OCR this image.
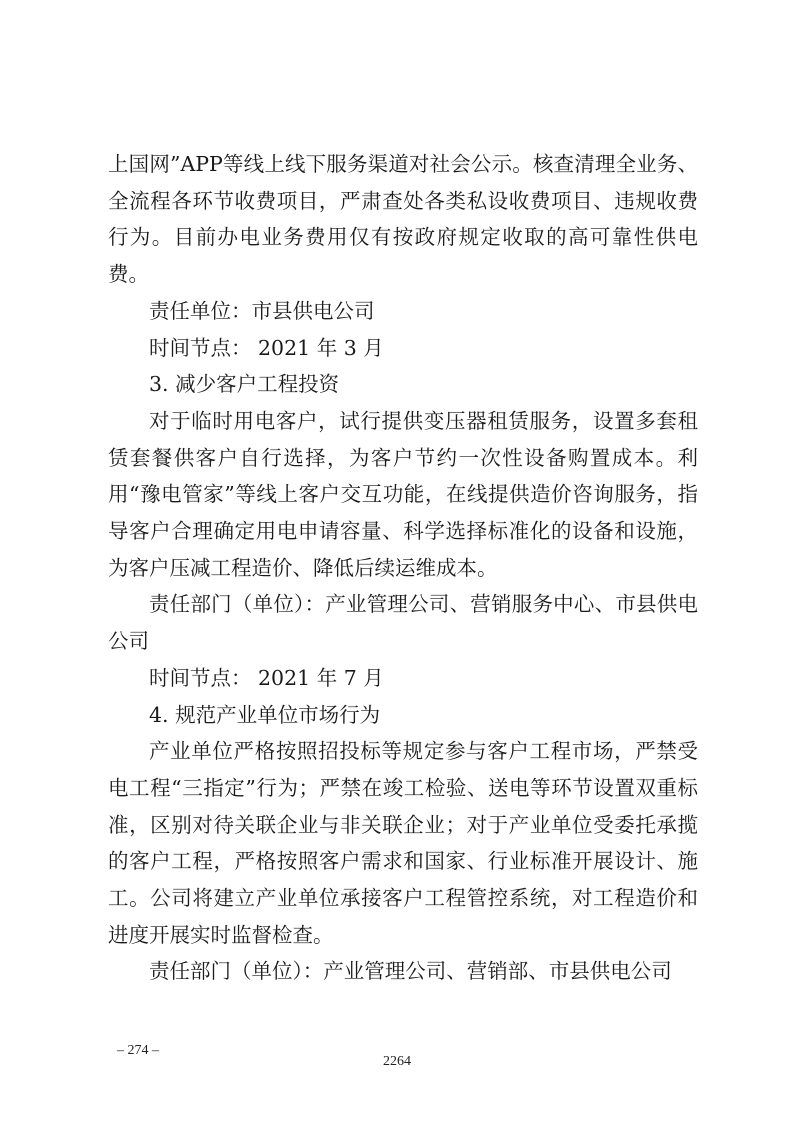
上国网”APP等线上线下服务渠道对社会公示。核查清理全业务、全流程各环节收费项目，严肃查处各类私设收费项目、违规收费行为。目前办电业务费用仅有按政府规定收取的高可靠性供电费。

责任单位：市县供电公司

时间节点： 2021 年 3 月

3. 减少客户工程投资

对于临时用电客户，试行提供变压器租赁服务，设置多套租赁套餐供客户自行选择，为客户节约一次性设备购置成本。利用“豫电管家”等线上客户交互功能，在线提供造价咨询服务，指导客户合理确定用电申请容量、科学选择标准化的设备和设施，为客户压减工程造价、降低后续运维成本。

责任部门（单位）：产业管理公司、营销服务中心、市县供电公司

时间节点： 2021 年 7 月

4. 规范产业单位市场行为

产业单位严格按照招投标等规定参与客户工程市场，严禁受电工程“三指定”行为；严禁在竣工检验、送电等环节设置双重标准，区别对待关联企业与非关联企业；对于产业单位受委托承揽的客户工程，严格按照客户需求和国家、行业标准开展设计、施工。公司将建立产业单位承接客户工程管控系统，对工程造价和进度开展实时监督检查。

责任部门（单位）：产业管理公司、营销部、市县供电公司

– 274 –
2264
